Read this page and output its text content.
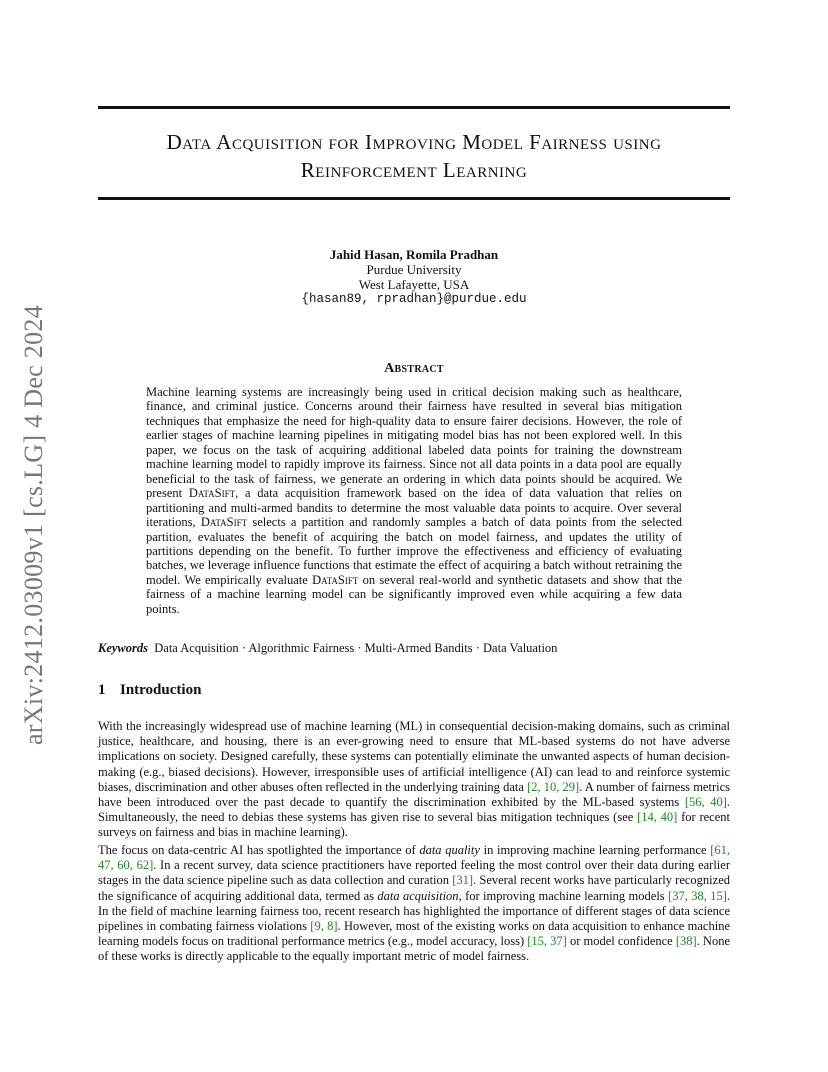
arXiv:2412.03009v1 [cs.LG] 4 Dec 2024
Data Acquisition for Improving Model Fairness using
Reinforcement Learning
Jahid Hasan, Romila Pradhan
Purdue University
West Lafayette, USA
{hasan89, rpradhan}@purdue.edu
Abstract
Machine learning systems are increasingly being used in critical decision making such as healthcare, finance, and criminal justice. Concerns around their fairness have resulted in several bias mitigation techniques that emphasize the need for high-quality data to ensure fairer decisions. However, the role of earlier stages of machine learning pipelines in mitigating model bias has not been explored well. In this paper, we focus on the task of acquiring additional labeled data points for training the downstream machine learning model to rapidly improve its fairness. Since not all data points in a data pool are equally beneficial to the task of fairness, we generate an ordering in which data points should be acquired. We present DataSift, a data acquisition framework based on the idea of data valuation that relies on partitioning and multi-armed bandits to determine the most valuable data points to acquire. Over several iterations, DataSift selects a partition and randomly samples a batch of data points from the selected partition, evaluates the benefit of acquiring the batch on model fairness, and updates the utility of partitions depending on the benefit. To further improve the effectiveness and efficiency of evaluating batches, we leverage influence functions that estimate the effect of acquiring a batch without retraining the model. We empirically evaluate DataSift on several real-world and synthetic datasets and show that the fairness of a machine learning model can be significantly improved even while acquiring a few data points.
Keywords Data Acquisition · Algorithmic Fairness · Multi-Armed Bandits · Data Valuation
1 Introduction
With the increasingly widespread use of machine learning (ML) in consequential decision-making domains, such as criminal justice, healthcare, and housing, there is an ever-growing need to ensure that ML-based systems do not have adverse implications on society. Designed carefully, these systems can potentially eliminate the unwanted aspects of human decision-making (e.g., biased decisions). However, irresponsible uses of artificial intelligence (AI) can lead to and reinforce systemic biases, discrimination and other abuses often reflected in the underlying training data [2, 10, 29]. A number of fairness metrics have been introduced over the past decade to quantify the discrimination exhibited by the ML-based systems [56, 40]. Simultaneously, the need to debias these systems has given rise to several bias mitigation techniques (see [14, 40] for recent surveys on fairness and bias in machine learning).
The focus on data-centric AI has spotlighted the importance of data quality in improving machine learning performance [61, 47, 60, 62]. In a recent survey, data science practitioners have reported feeling the most control over their data during earlier stages in the data science pipeline such as data collection and curation [31]. Several recent works have particularly recognized the significance of acquiring additional data, termed as data acquisition, for improving machine learning models [37, 38, 15]. In the field of machine learning fairness too, recent research has highlighted the importance of different stages of data science pipelines in combating fairness violations [9, 8]. However, most of the existing works on data acquisition to enhance machine learning models focus on traditional performance metrics (e.g., model accuracy, loss) [15, 37] or model confidence [38]. None of these works is directly applicable to the equally important metric of model fairness.
